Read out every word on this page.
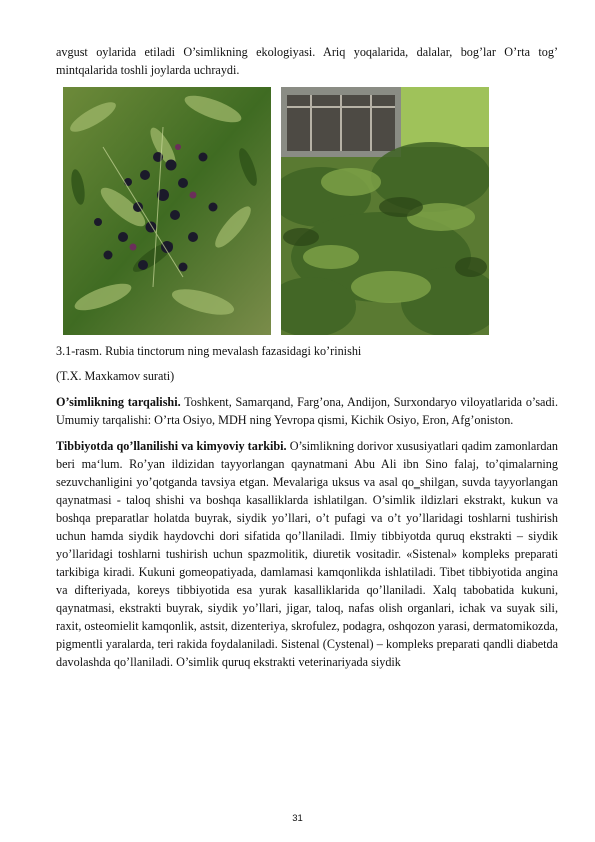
avgust oylarida etiladi O’simlikning ekologiyasi. Ariq yoqalarida, dalalar, bog’lar O’rta tog’ mintqalarida toshli joylarda uchraydi.

3.1-rasm. Rubia tinctorum ning mevalash fazasidagi ko’rinishi

(T.X. Maxkamov surati)

O’simlikning tarqalishi. Toshkent, Samarqand, Farg’ona, Andijon, Surxondaryo viloyatlarida o’sadi. Umumiy tarqalishi: O’rta Osiyo, MDH ning Yevropa qismi, Kichik Osiyo, Eron, Afg’oniston.

Tibbiyotda qo’llanilishi va kimyoviy tarkibi. O’simlikning dorivor xususiyatlari qadim zamonlardan beri ma‘lum. Ro’yan ildizidan tayyorlangan qaynatmani Abu Ali ibn Sino falaj, to’qimalarning sezuvchanligini yo’qotganda tavsiya etgan. Mevalariga uksus va asal qo‗shilgan, suvda tayyorlangan qaynatmasi - taloq shishi va boshqa kasalliklarda ishlatilgan. O’simlik ildizlari ekstrakt, kukun va boshqa preparatlar holatda buyrak, siydik yo’llari, o’t pufagi va o’t yo’llaridagi toshlarni tushirish uchun hamda siydik haydovchi dori sifatida qo’llaniladi. Ilmiy tibbiyotda quruq ekstrakti – siydik yo’llaridagi toshlarni tushirish uchun spazmolitik, diuretik vositadir. «Sistenal» kompleks preparati tarkibiga kiradi. Kukuni gomeopatiyada, damlamasi kamqonlikda ishlatiladi. Tibet tibbiyotida angina va difteriyada, koreys tibbiyotida esa yurak kasalliklarida qo’llaniladi. Xalq tabobatida kukuni, qaynatmasi, ekstrakti buyrak, siydik yo’llari, jigar, taloq, nafas olish organlari, ichak va suyak sili, raxit, osteomielit kamqonlik, astsit, dizenteriya, skrofulez, podagra, oshqozon yarasi, dermatomikozda, pigmentli yaralarda, teri rakida foydalaniladi. Sistenal (Cystenal) – kompleks preparati qandli diabetda davolashda qo’llaniladi. O’simlik quruq ekstrakti veterinariyada siydik

31
